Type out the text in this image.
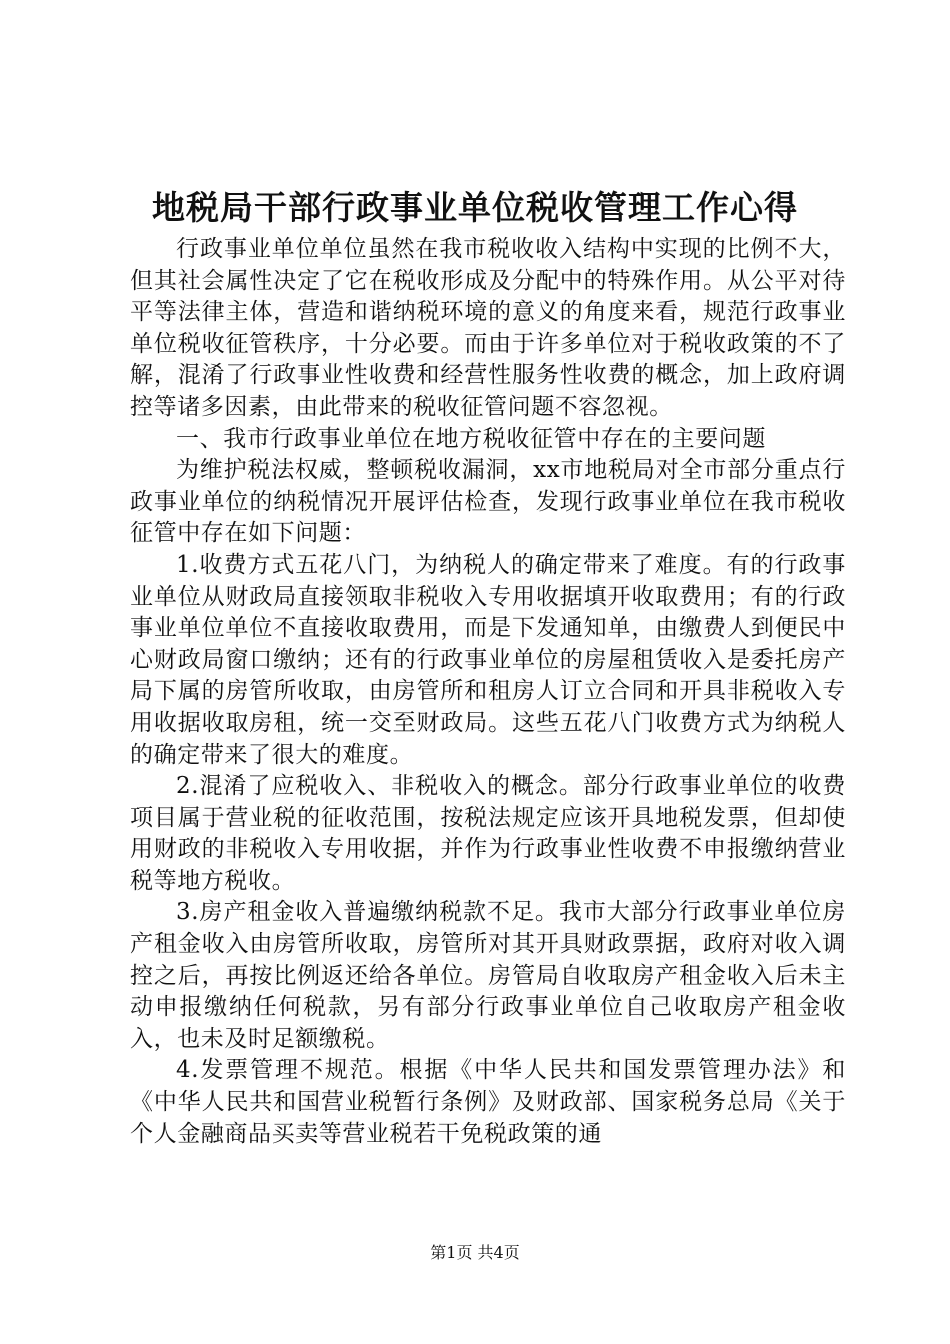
地税局干部行政事业单位税收管理工作心得

行政事业单位单位虽然在我市税收收入结构中实现的比例不大，但其社会属性决定了它在税收形成及分配中的特殊作用。从公平对待平等法律主体，营造和谐纳税环境的意义的角度来看，规范行政事业单位税收征管秩序，十分必要。而由于许多单位对于税收政策的不了解，混淆了行政事业性收费和经营性服务性收费的概念，加上政府调控等诸多因素，由此带来的税收征管问题不容忽视。

一、我市行政事业单位在地方税收征管中存在的主要问题

为维护税法权威，整顿税收漏洞，xx市地税局对全市部分重点行政事业单位的纳税情况开展评估检查，发现行政事业单位在我市税收征管中存在如下问题：

1.收费方式五花八门，为纳税人的确定带来了难度。有的行政事业单位从财政局直接领取非税收入专用收据填开收取费用；有的行政事业单位单位不直接收取费用，而是下发通知单，由缴费人到便民中心财政局窗口缴纳；还有的行政事业单位的房屋租赁收入是委托房产局下属的房管所收取，由房管所和租房人订立合同和开具非税收入专用收据收取房租，统一交至财政局。这些五花八门收费方式为纳税人的确定带来了很大的难度。

2.混淆了应税收入、非税收入的概念。部分行政事业单位的收费项目属于营业税的征收范围，按税法规定应该开具地税发票，但却使用财政的非税收入专用收据，并作为行政事业性收费不申报缴纳营业税等地方税收。

3.房产租金收入普遍缴纳税款不足。我市大部分行政事业单位房产租金收入由房管所收取，房管所对其开具财政票据，政府对收入调控之后，再按比例返还给各单位。房管局自收取房产租金收入后未主动申报缴纳任何税款，另有部分行政事业单位自己收取房产租金收入，也未及时足额缴税。

4.发票管理不规范。根据《中华人民共和国发票管理办法》和《中华人民共和国营业税暂行条例》及财政部、国家税务总局《关于个人金融商品买卖等营业税若干免税政策的通

第1页 共4页
